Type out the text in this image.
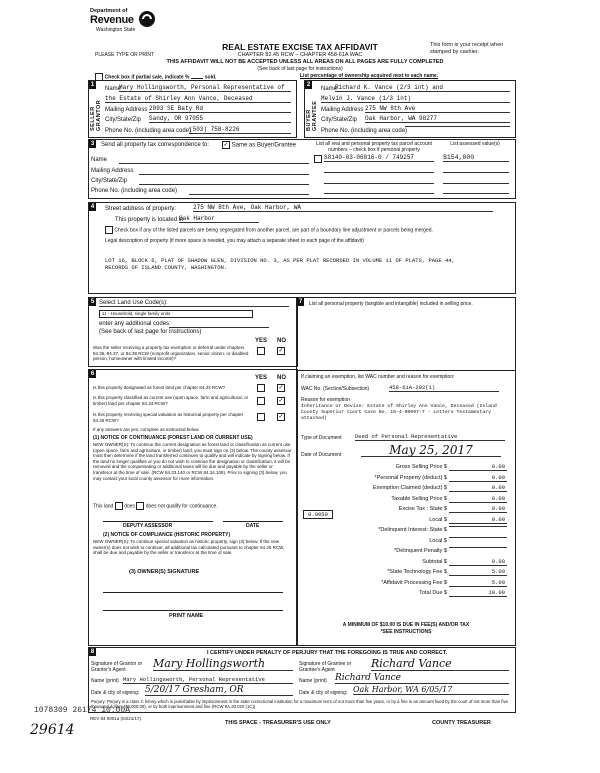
Department of
Revenue
Washington State
PLEASE TYPE OR PRINT
REAL ESTATE EXCISE TAX AFFIDAVIT
CHAPTER 82.45 RCW – CHAPTER 458-61A WAC
THIS AFFIDAVIT WILL NOT BE ACCEPTED UNLESS ALL AREAS ON ALL PAGES ARE FULLY COMPLETED
(See back of last page for instructions)
This form is your receipt when stamped by cashier.
Check box if partial sale, indicate %	sold.	List percentage of ownership acquired next to each name.
1
SELLER GRANTOR
Name
Mary Hollingsworth, Personal Representative of
the Estate of Shirley Ann Vance, Deceased
Mailing Address 2093 SE Baty Rd
City/State/Zip Sandy, OR 97055
Phone No. (including area code)
(503) 758-8226
2
BUYER GRANTEE
Name
Richard K. Vance (2/3 int) and
Melvin J. Vance (1/3 int)
Mailing Address 275 NW 8th Ave
City/State/Zip Oak Harbor, WA 98277
Phone No. (including area code)
3	Send all property tax correspondence to: ✓ Same as Buyer/Grantee
Name
Mailing Address
City/State/Zip
Phone No. (including area code)
List all real and personal property tax parcel account numbers – check box if personal property
List assessed value(s)
S8140-03-06016-0 / 749257	$154,000
4	Street address of property:	275 NW 8th Ave, Oak Harbor, WA
This property is located in
Oak Harbor
Check box if any of the listed parcels are being segregated from another parcel, are part of a boundary line adjustment or parcels being merged.
Legal description of property (if more space is needed, you may attach a separate sheet to each page of the affidavit)
LOT 16, BLOCK 6, PLAT OF SHADOW GLEN, DIVISION NO. 3, AS PER PLAT RECORDED IN VOLUME 11 OF PLATS, PAGE 44, RECORDS OF ISLAND COUNTY, WASHINGTON.
5 Select Land Use Code(s):
11 - Household, single family units
enter any additional codes:
(See back of last page for instructions)
YES NO
Was the seller receiving a property tax exemption or deferral under chapters 84.36, 84.37, or 84.38 RCW (nonprofit organization, senior citizen, or disabled person, homeowner with limited income)?
✓
6
YES NO
Is this property designated as forest land per chapter 84.33 RCW?	✓
Is this property classified as current use (open space, farm and agricultural, or timber) land per chapter 84.34 RCW?	✓
Is this property receiving special valuation as historical property per chapter 84.26 RCW?	✓
If any answers are yes, complete as instructed below.
(1) NOTICE OF CONTINUANCE (FOREST LAND OR CURRENT USE)
NEW OWNER(S): To continue the current designation as forest land or classification as current use (open space, farm and agriculture, or timber) land, you must sign on (3) below. The county assessor must then determine if the land transferred continues to qualify and will indicate by signing below. If the land no longer qualifies or you do not wish to continue the designation or classification, it will be removed and the compensating or additional taxes will be due and payable by the seller or transferor at the time of sale. (RCW 84.33.140 or RCW 84.34.108). Prior to signing (3) below, you may contact your local county assessor for more information.
This land does does not qualify for continuance.
DEPUTY ASSESSOR	DATE
(2) NOTICE OF COMPLIANCE (HISTORIC PROPERTY)
NEW OWNER(S): To continue special valuation as historic property, sign (3) below. If the new owner(s) does not wish to continue, all additional tax calculated pursuant to chapter 84.26 RCW, shall be due and payable by the seller or transferor at the time of sale.
(3) OWNER(S) SIGNATURE
PRINT NAME
7	List all personal property (tangible and intangible) included in selling price.
If claiming an exemption, list WAC number and reason for exemption:
WAC No. (Section/Subsection)	458-61A-202(1)
Reason for exemption
Inheritance or Devise: Estate of Shirley Ann Vance, Deceased (Island County Superior Court Case No. 16-4-00097-7 - Letters Testamentary attached)
Type of Document Deed of Personal Representative
Date of Document	May 25, 2017
Gross Selling Price $	0.00
*Personal Property (deduct) $	0.00
Exemption Claimed (deduct) $	0.00
Taxable Selling Price $	0.00
Excise Tax : State $	0.00
Local $	0.00
*Delinquent Interest: State $
Local $
*Delinquent Penalty $
Subtotal $	0.00
*State Technology Fee $	5.00
*Affidavit Processing Fee $	5.00
Total Due $	10.00
0.0050
A MINIMUM OF $10.00 IS DUE IN FEE(S) AND/OR TAX
*SEE INSTRUCTIONS
8	I CERTIFY UNDER PENALTY OF PERJURY THAT THE FOREGOING IS TRUE AND CORRECT.
Signature of Grantor or Grantor's Agent	Mary Hollingsworth	Signature of Grantee or Grantee's Agent	Richard Vance
Name (print) Mary Hollingsworth, Personal Representative	Name (print) Richard Vance
Date & city of signing: 5/20/17 Gresham, OR	Date & city of signing: Oak Harbor, WA 6/05/17
Perjury: Perjury is a class C felony which is punishable by imprisonment in the state correctional institution for a maximum term of not more than five years, or by a fine in an amount fixed by the court of not more than five thousand dollars ($5,000.00), or by both imprisonment and fine (RCW 9A.20.020 (1C)).
REV 84 0001a (04/21/17)
THIS SPACE - TREASURER'S USE ONLY	COUNTY TREASURER
1078309 26174 10:00A
29614
